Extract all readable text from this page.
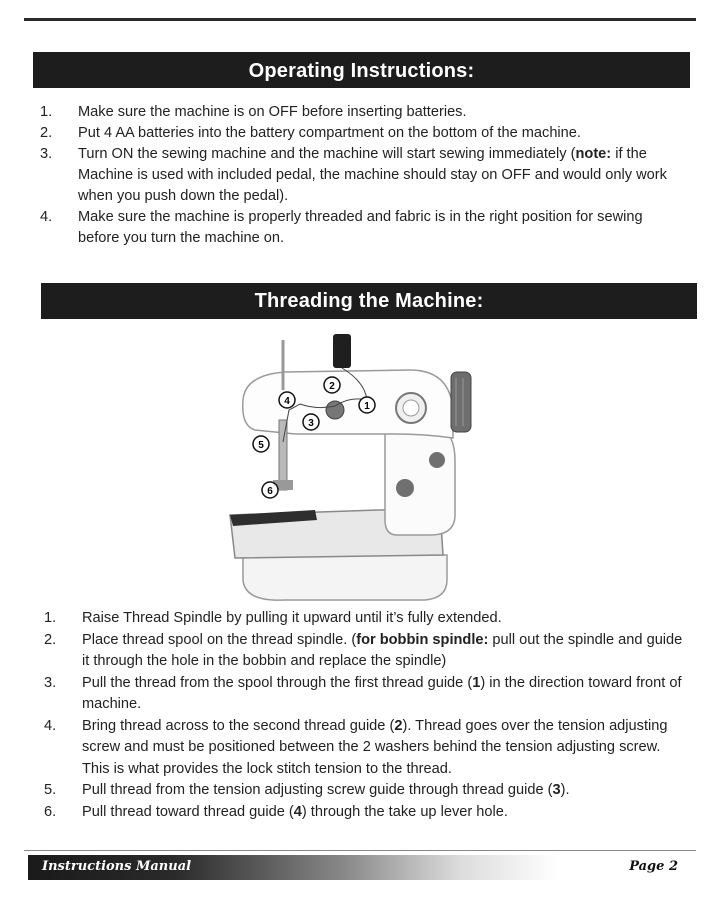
Operating Instructions:
1.	Make sure the machine is on OFF before inserting batteries.
2.	Put 4 AA batteries into the battery compartment on the bottom of the machine.
3.	Turn ON the sewing machine and the machine will start sewing immediately (note: if the Machine is used with included pedal, the machine should stay on OFF and would only work when you push down the pedal).
4.	Make sure the machine is properly threaded and fabric is in the right position for sewing before you turn the machine on.
Threading the Machine:
2
1
4
3
5
6
1.	Raise Thread Spindle by pulling it upward until it’s fully extended.
2.	Place thread spool on the thread spindle. (for bobbin spindle: pull out the spindle and guide it through the hole in the bobbin and replace the spindle)
3.	Pull the thread from the spool through the first thread guide (1) in the direction toward front of machine.
4.	Bring thread across to the second thread guide (2). Thread goes over the tension adjusting screw and must be positioned between the 2 washers behind the tension adjusting screw. This is what provides the lock stitch tension to the thread.
5.	Pull thread from the tension adjusting screw guide through thread guide (3).
6.	Pull thread toward thread guide (4) through the take up lever hole.
Instructions Manual	Page 2
